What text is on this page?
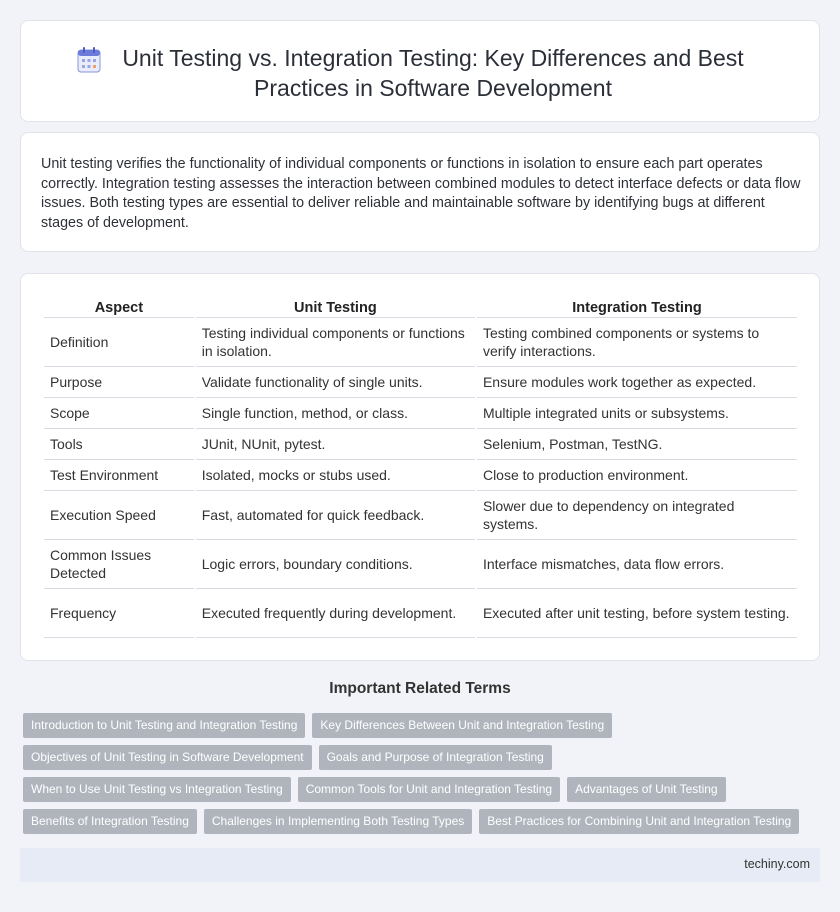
Unit Testing vs. Integration Testing: Key Differences and Best Practices in Software Development

Unit testing verifies the functionality of individual components or functions in isolation to ensure each part operates correctly. Integration testing assesses the interaction between combined modules to detect interface defects or data flow issues. Both testing types are essential to deliver reliable and maintainable software by identifying bugs at different stages of development.

Aspect	Unit Testing	Integration Testing
Definition	Testing individual components or functions in isolation.	Testing combined components or systems to verify interactions.
Purpose	Validate functionality of single units.	Ensure modules work together as expected.
Scope	Single function, method, or class.	Multiple integrated units or subsystems.
Tools	JUnit, NUnit, pytest.	Selenium, Postman, TestNG.
Test Environment	Isolated, mocks or stubs used.	Close to production environment.
Execution Speed	Fast, automated for quick feedback.	Slower due to dependency on integrated systems.
Common Issues Detected	Logic errors, boundary conditions.	Interface mismatches, data flow errors.
Frequency	Executed frequently during development.	Executed after unit testing, before system testing.
Important Related Terms
Introduction to Unit Testing and Integration Testing	Key Differences Between Unit and Integration Testing
Objectives of Unit Testing in Software Development	Goals and Purpose of Integration Testing
When to Use Unit Testing vs Integration Testing	Common Tools for Unit and Integration Testing	Advantages of Unit Testing
Benefits of Integration Testing	Challenges in Implementing Both Testing Types	Best Practices for Combining Unit and Integration Testing
techiny.com
